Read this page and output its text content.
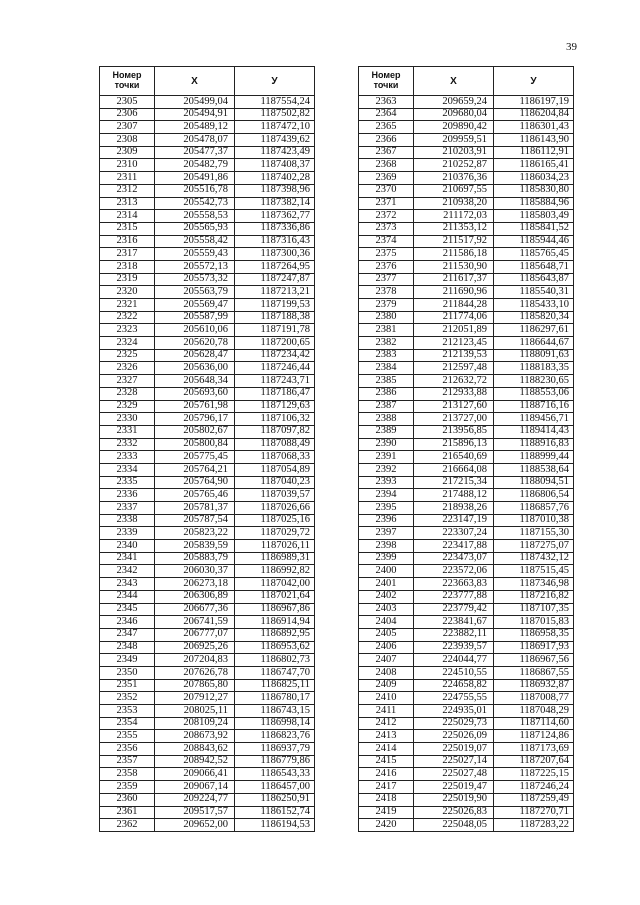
39
Номер
точки	X	У
2305	205499,04	1187554,24
2306	205494,91	1187502,82
2307	205489,12	1187472,10
2308	205478,07	1187439,62
2309	205477,37	1187423,49
2310	205482,79	1187408,37
2311	205491,86	1187402,28
2312	205516,78	1187398,96
2313	205542,73	1187382,14
2314	205558,53	1187362,77
2315	205565,93	1187336,86
2316	205558,42	1187316,43
2317	205559,43	1187300,36
2318	205572,13	1187264,95
2319	205573,32	1187247,87
2320	205563,79	1187213,21
2321	205569,47	1187199,53
2322	205587,99	1187188,38
2323	205610,06	1187191,78
2324	205620,78	1187200,65
2325	205628,47	1187234,42
2326	205636,00	1187246,44
2327	205648,34	1187243,71
2328	205693,60	1187186,47
2329	205761,98	1187129,63
2330	205796,17	1187106,32
2331	205802,67	1187097,82
2332	205800,84	1187088,49
2333	205775,45	1187068,33
2334	205764,21	1187054,89
2335	205764,90	1187040,23
2336	205765,46	1187039,57
2337	205781,37	1187026,66
2338	205787,54	1187025,16
2339	205823,22	1187029,72
2340	205839,59	1187026,11
2341	205883,79	1186989,31
2342	206030,37	1186992,82
2343	206273,18	1187042,00
2344	206306,89	1187021,64
2345	206677,36	1186967,86
2346	206741,59	1186914,94
2347	206777,07	1186892,95
2348	206925,26	1186953,62
2349	207204,83	1186802,73
2350	207626,78	1186747,70
2351	207865,80	1186825,11
2352	207912,27	1186780,17
2353	208025,11	1186743,15
2354	208109,24	1186998,14
2355	208673,92	1186823,76
2356	208843,62	1186937,79
2357	208942,52	1186779,86
2358	209066,41	1186543,33
2359	209067,14	1186457,00
2360	209224,77	1186250,91
2361	209517,57	1186152,74
2362	209652,00	1186194,53
Номер
точки	X	У
2363	209659,24	1186197,19
2364	209680,04	1186204,84
2365	209890,42	1186301,43
2366	209959,51	1186143,90
2367	210203,91	1186112,91
2368	210252,87	1186165,41
2369	210376,36	1186034,23
2370	210697,55	1185830,80
2371	210938,20	1185884,96
2372	211172,03	1185803,49
2373	211353,12	1185841,52
2374	211517,92	1185944,46
2375	211586,18	1185765,45
2376	211530,90	1185648,71
2377	211617,37	1185643,87
2378	211690,96	1185540,31
2379	211844,28	1185433,10
2380	211774,06	1185820,34
2381	212051,89	1186297,61
2382	212123,45	1186644,67
2383	212139,53	1188091,63
2384	212597,48	1188183,35
2385	212632,72	1188230,65
2386	212933,88	1188553,06
2387	213127,60	1188716,16
2388	213727,00	1189456,71
2389	213956,85	1189414,43
2390	215896,13	1188916,83
2391	216540,69	1188999,44
2392	216664,08	1188538,64
2393	217215,34	1188094,51
2394	217488,12	1186806,54
2395	218938,26	1186857,76
2396	223147,19	1187010,38
2397	223307,24	1187155,30
2398	223417,88	1187275,07
2399	223473,07	1187432,12
2400	223572,06	1187515,45
2401	223663,83	1187346,98
2402	223777,88	1187216,82
2403	223779,42	1187107,35
2404	223841,67	1187015,83
2405	223882,11	1186958,35
2406	223939,57	1186917,93
2407	224044,77	1186967,56
2408	224510,55	1186867,55
2409	224658,82	1186932,87
2410	224755,55	1187008,77
2411	224935,01	1187048,29
2412	225029,73	1187114,60
2413	225026,09	1187124,86
2414	225019,07	1187173,69
2415	225027,14	1187207,64
2416	225027,48	1187225,15
2417	225019,47	1187246,24
2418	225019,90	1187259,49
2419	225026,83	1187270,71
2420	225048,05	1187283,22
